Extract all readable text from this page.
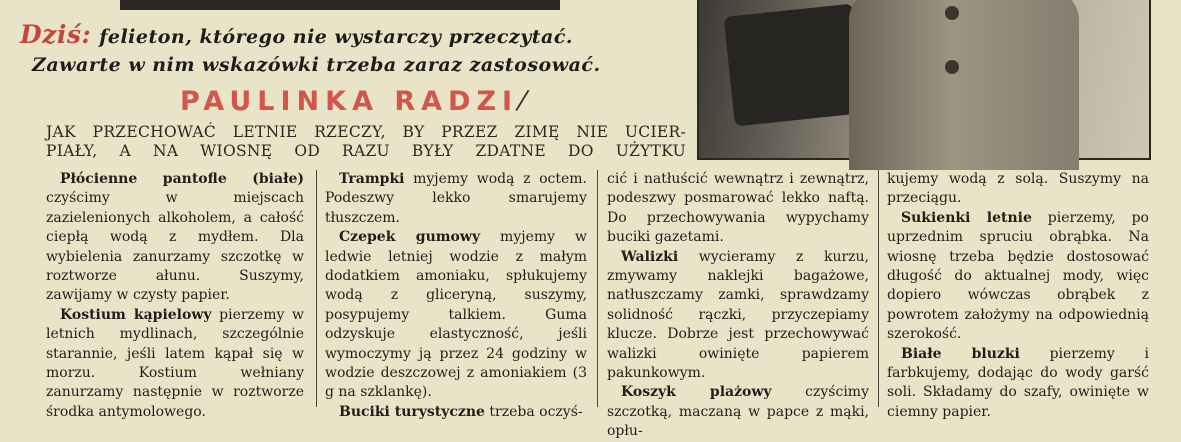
Dziś: felieton, którego nie wystarczy przeczytać.
Zawarte w nim wskazówki trzeba zaraz zastosować.
PAULINKA RADZI⁄
JAK PRZECHOWAĆ LETNIE RZECZY, BY PRZEZ ZIMĘ NIE UCIER-
PIAŁY, A NA WIOSNĘ OD RAZU BYŁY ZDATNE DO UŻYTKU

Płócienne pantofle (białe) czyścimy w miejscach zazielenionych alkoholem, a całość ciepłą wodą z mydłem. Dla wybielenia zanurzamy szczotkę w roztworze ałunu. Suszymy, zawijamy w czysty papier.

Kostium kąpielowy pierzemy w letnich mydlinach, szczególnie starannie, jeśli latem kąpał się w morzu. Kostium wełniany zanurzamy następnie w roztworze środka antymolowego.

Trampki myjemy wodą z octem. Podeszwy lekko smarujemy tłuszczem.

Czepek gumowy myjemy w ledwie letniej wodzie z małym dodatkiem amoniaku, spłukujemy wodą z gliceryną, suszymy, posypujemy talkiem. Guma odzyskuje elastyczność, jeśli wymoczymy ją przez 24 godziny w wodzie deszczowej z amoniakiem (3 g na szklankę).

Buciki turystyczne trzeba oczyś-

cić i natłuścić wewnątrz i zewnątrz, podeszwy posmarować lekko naftą. Do przechowywania wypychamy buciki gazetami.

Walizki wycieramy z kurzu, zmywamy naklejki bagażowe, natłuszczamy zamki, sprawdzamy solidność rączki, przyczepiamy klucze. Dobrze jest przechowywać walizki owinięte papierem pakunkowym.

Koszyk plażowy czyścimy szczotką, maczaną w papce z mąki, opłu-

kujemy wodą z solą. Suszymy na przeciągu.

Sukienki letnie pierzemy, po uprzednim spruciu obrąbka. Na wiosnę trzeba będzie dostosować długość do aktualnej mody, więc dopiero wówczas obrąbek z powrotem założymy na odpowiednią szerokość.

Białe bluzki pierzemy i farbkujemy, dodając do wody garść soli. Składamy do szafy, owinięte w ciemny papier.
